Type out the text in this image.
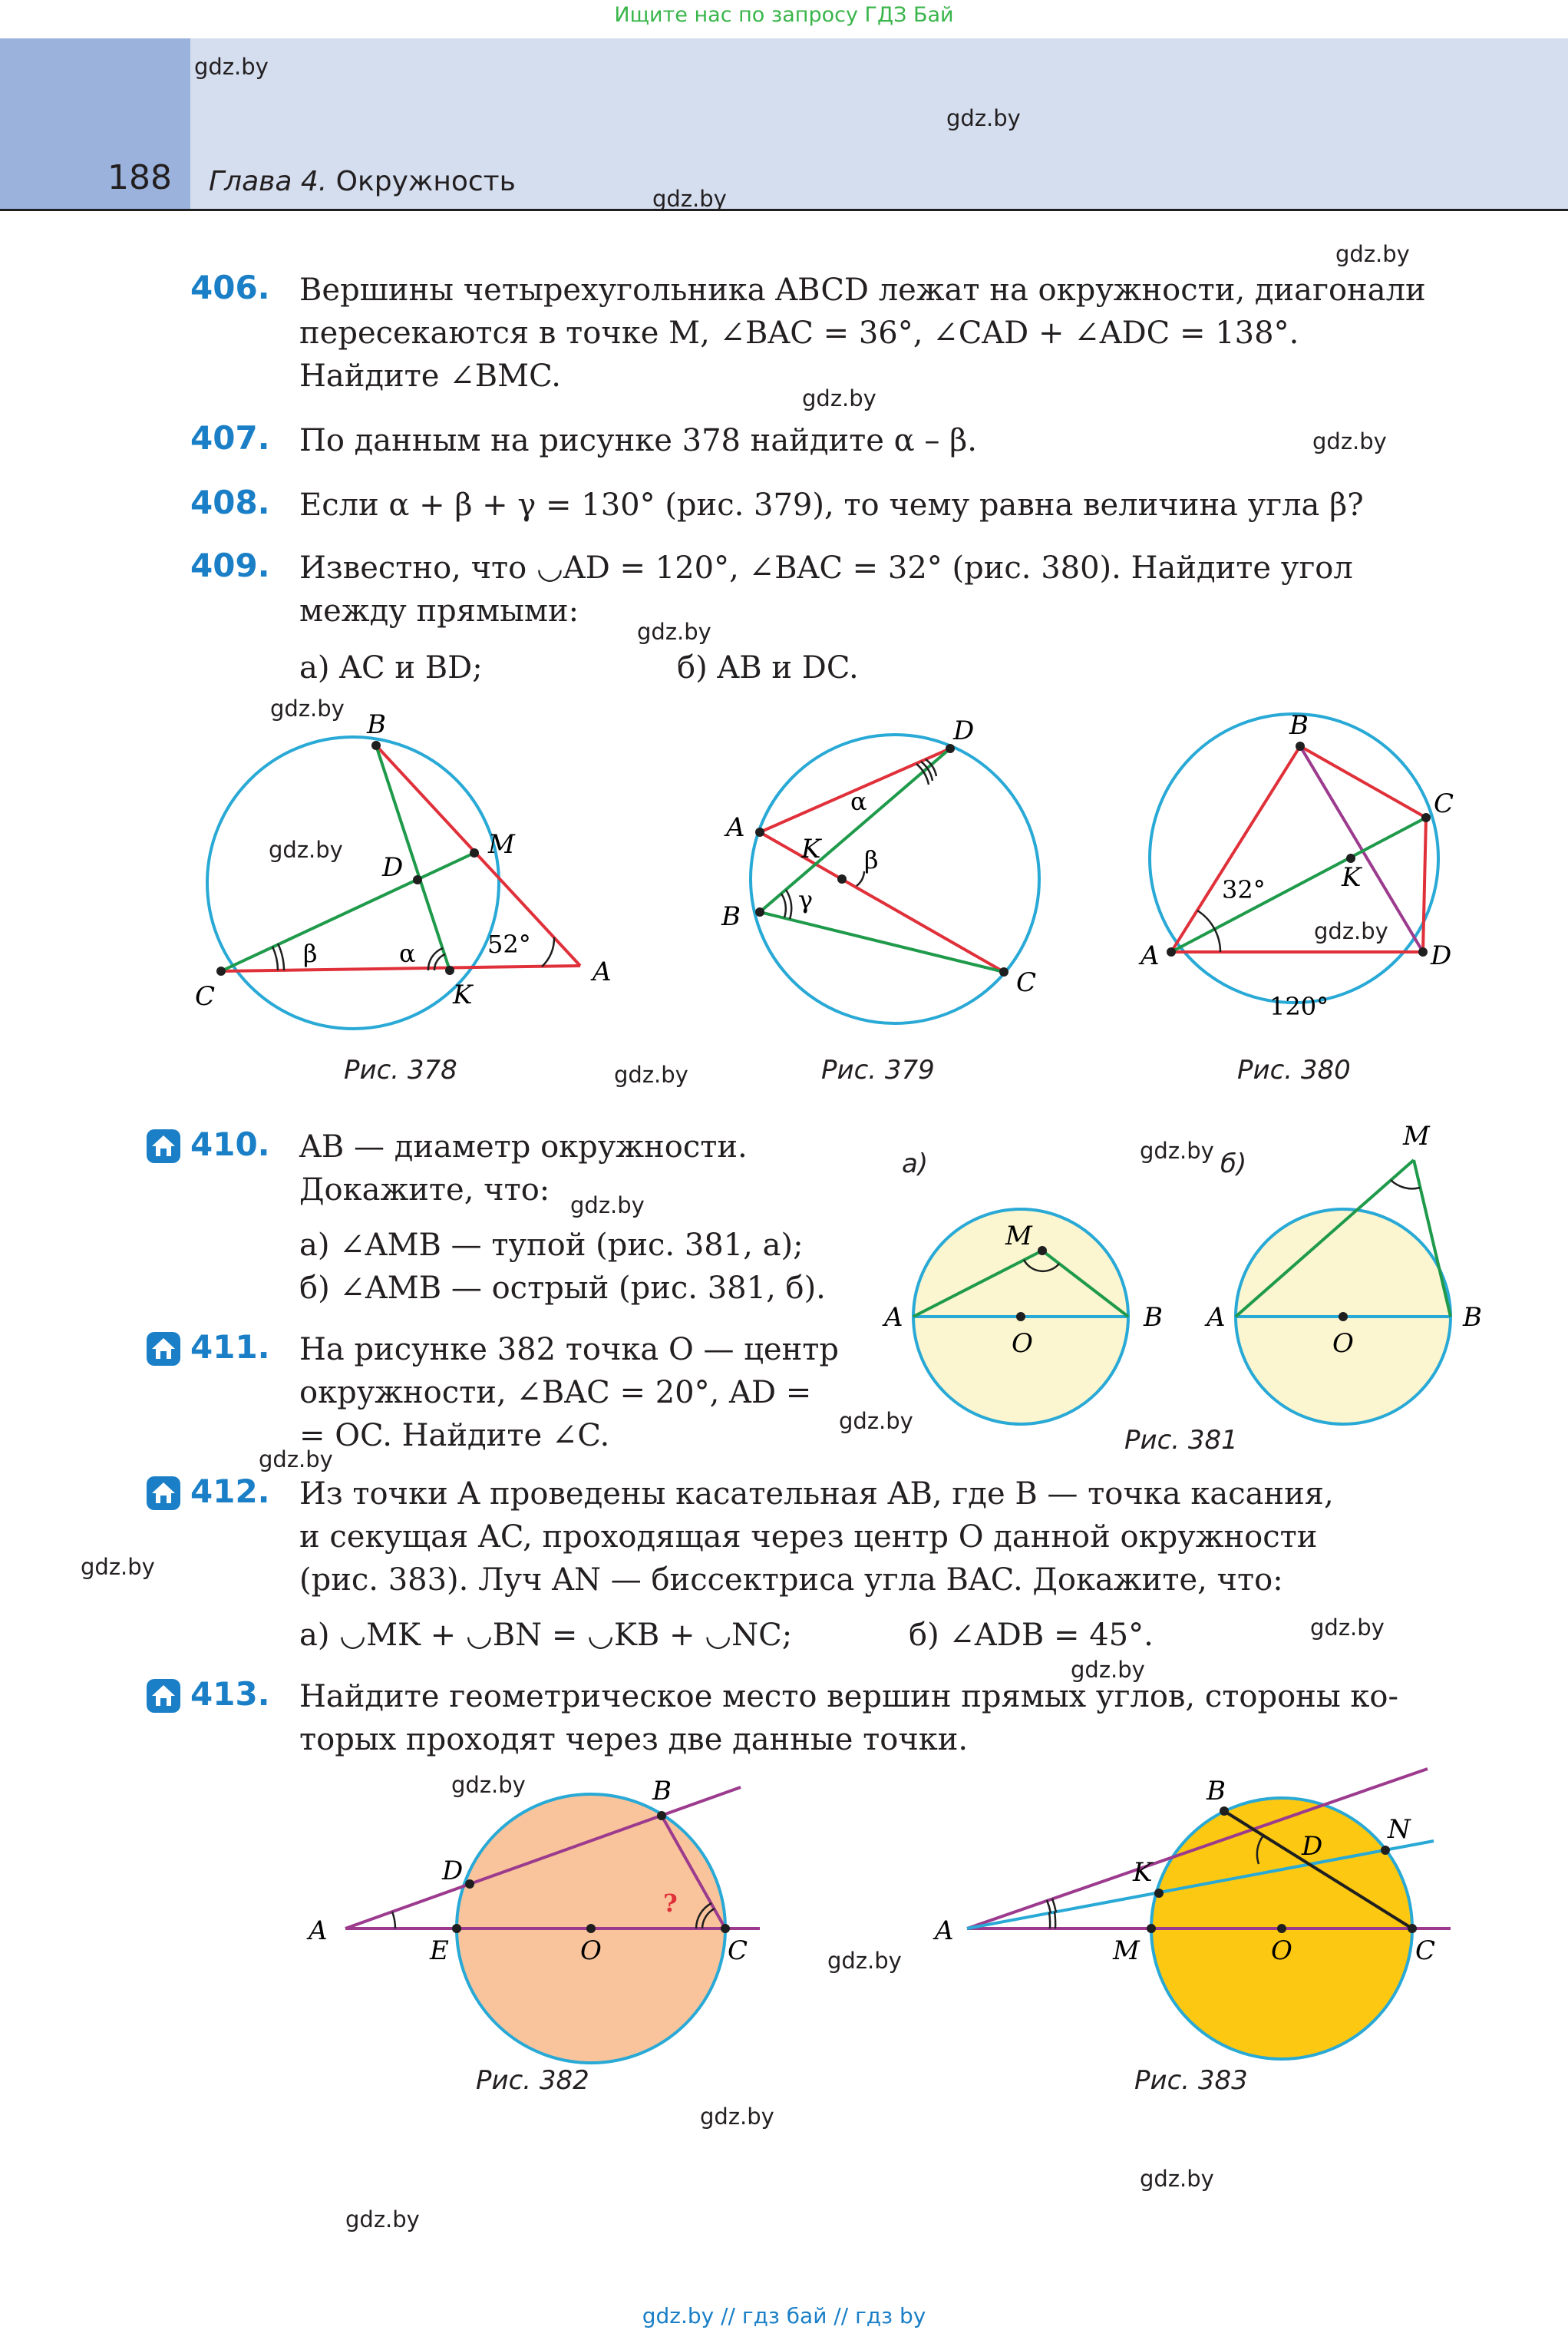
Ищите нас по запросу ГДЗ Бай
188 Глава 4. Окружность
gdz.by
gdz.by
gdz.by
gdz.by
gdz.by
gdz.by
gdz.by
gdz.by
gdz.by
gdz.by
gdz.by
gdz.by
gdz.by
gdz.by
gdz.by
gdz.by
gdz.by
gdz.by
gdz.by
gdz.by
gdz.by
gdz.by
gdz.by
406. Вершины четырехугольника ABCD лежат на окружности, диагонали
пересекаются в точке M, ∠BAC = 36°, ∠CAD + ∠ADC = 138°.
Найдите ∠BMC.
407. По данным на рисунке 378 найдите α – β.
408. Если α + β + γ = 130° (рис. 379), то чему равна величина угла β?
409. Известно, что ◡AD = 120°, ∠BAC = 32° (рис. 380). Найдите угол
между прямыми:
а) AC и BD;	б) AB и DC.
B
M
D
C	K
A
β	α	52°
Рис. 378
D
A
K
B
C
α
β
γ
Рис. 379
B
C
K
A	D
32°
120°
Рис. 380
410. AB — диаметр окружности.
Докажите, что:
а) ∠AMB — тупой (рис. 381, а);
б) ∠AMB — острый (рис. 381, б).
а)	б)
A	B
M
O
A	B
M
O
Рис. 381
411. На рисунке 382 точка O — центр
окружности, ∠BAC = 20°, AD =
= OC. Найдите ∠C.
412. Из точки A проведены касательная AB, где B — точка касания,
и секущая AC, проходящая через центр O данной окружности
(рис. 383). Луч AN — биссектриса угла BAC. Докажите, что:
а) ◡MK + ◡BN = ◡KB + ◡NC;	б) ∠ADB = 45°.
413. Найдите геометрическое место вершин прямых углов, стороны ко-
торых проходят через две данные точки.
A
B
C
D
E	O
?
Рис. 382
A
B
C
D
K
M
N
O
Рис. 383
gdz.by // гдз бай // гдз by
